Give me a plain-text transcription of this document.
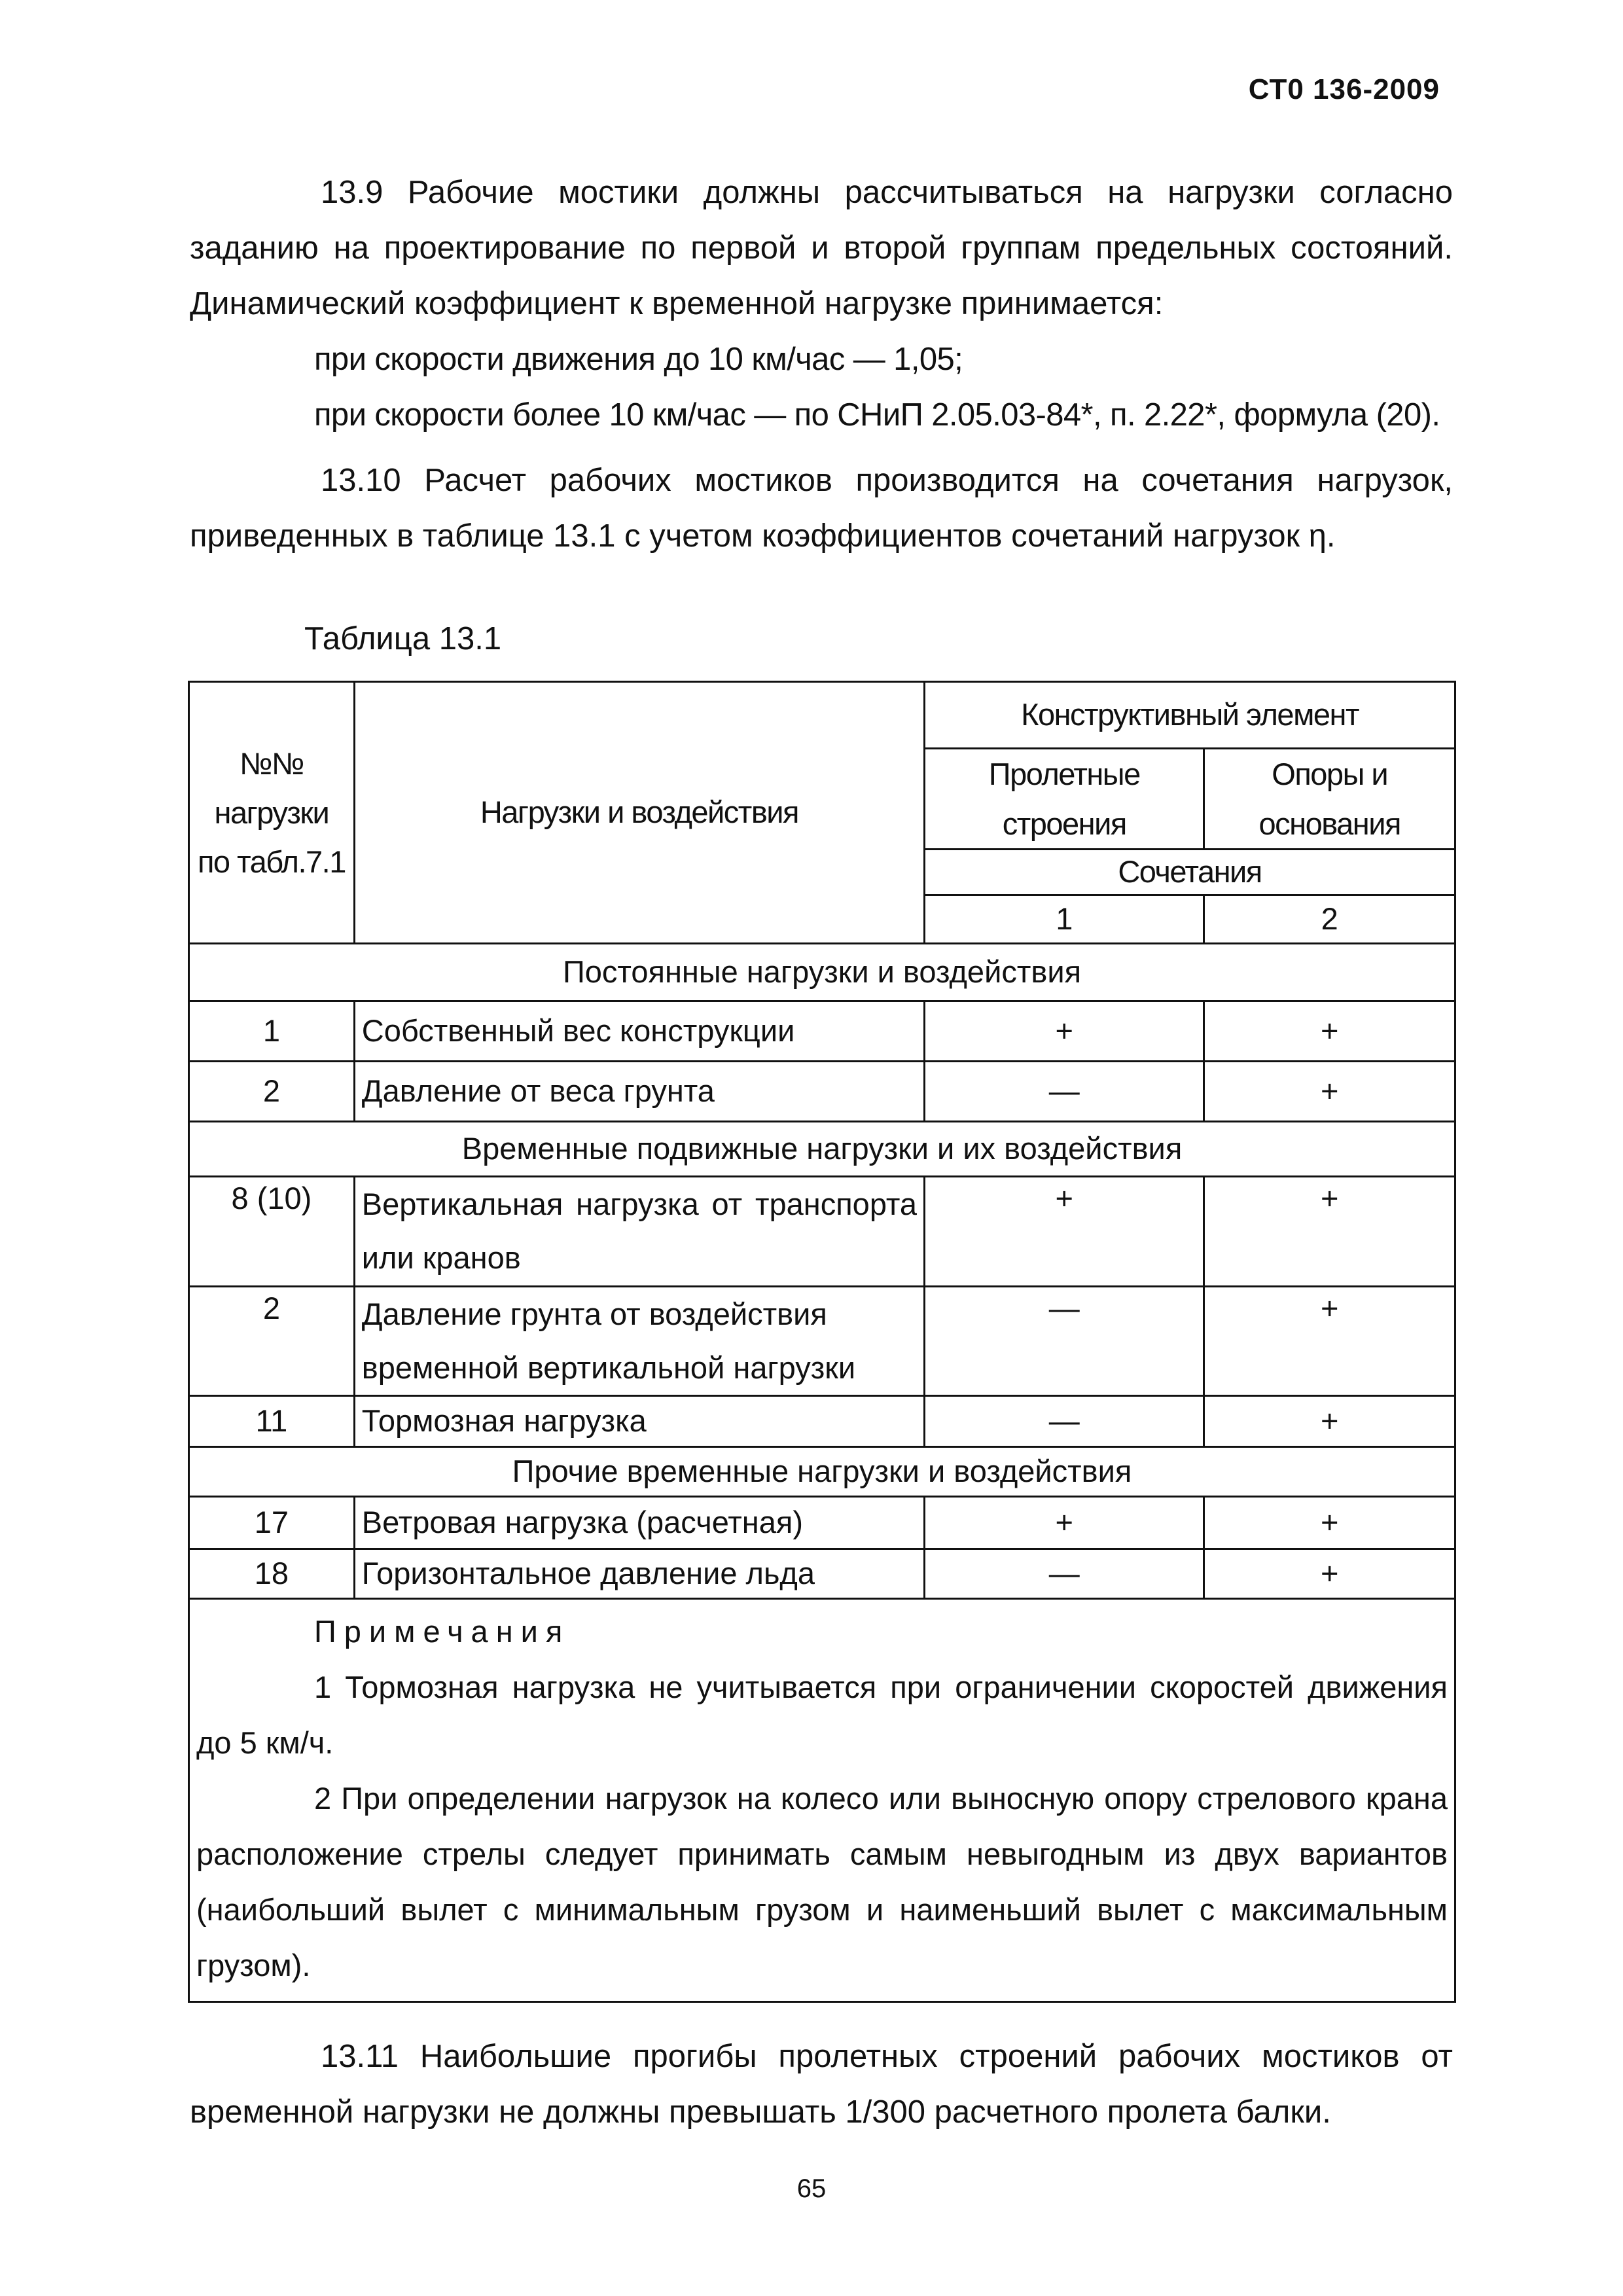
СТ0 136-2009

13.9 Рабочие мостики должны рассчитываться на нагрузки согласно заданию на проектирование по первой и второй группам предельных состояний. Динамический коэффициент к временной нагрузке принимается:

при скорости движения до 10 км/час — 1,05;

при скорости более 10 км/час — по СНиП 2.05.03-84*, п. 2.22*, формула (20).

13.10 Расчет рабочих мостиков производится на сочетания нагрузок, приведенных в таблице 13.1 с учетом коэффициентов сочетаний нагрузок η.

Таблица 13.1
№№ нагрузки по табл.7.1	Нагрузки и воздействия	Конструктивный элемент	
		Пролетные строения	Опоры и основания
		Сочетания	
		1	2
Постоянные нагрузки и воздействия			
1	Собственный вес конструкции	+	+
2	Давление от веса грунта	—	+
Временные подвижные нагрузки и их воздействия			
8 (10)	Вертикальная нагрузка от транспорта или кранов	+	+
2	Давление грунта от воздействия временной вертикальной нагрузки	—	+
11	Тормозная нагрузка	—	+
Прочие временные нагрузки и воздействия			
17	Ветровая нагрузка (расчетная)	+	+
18	Горизонтальное давление льда	—	+

Примечания

1 Тормозная нагрузка не учитывается при ограничении скоростей движения до 5 км/ч.

2 При определении нагрузок на колесо или выносную опору стрелового крана расположение стрелы следует принимать самым невыгодным из двух вариантов (наибольший вылет с минимальным грузом и наименьший вылет с максимальным грузом).			

13.11 Наибольшие прогибы пролетных строений рабочих мостиков от временной нагрузки не должны превышать 1/300 расчетного пролета балки.

65
